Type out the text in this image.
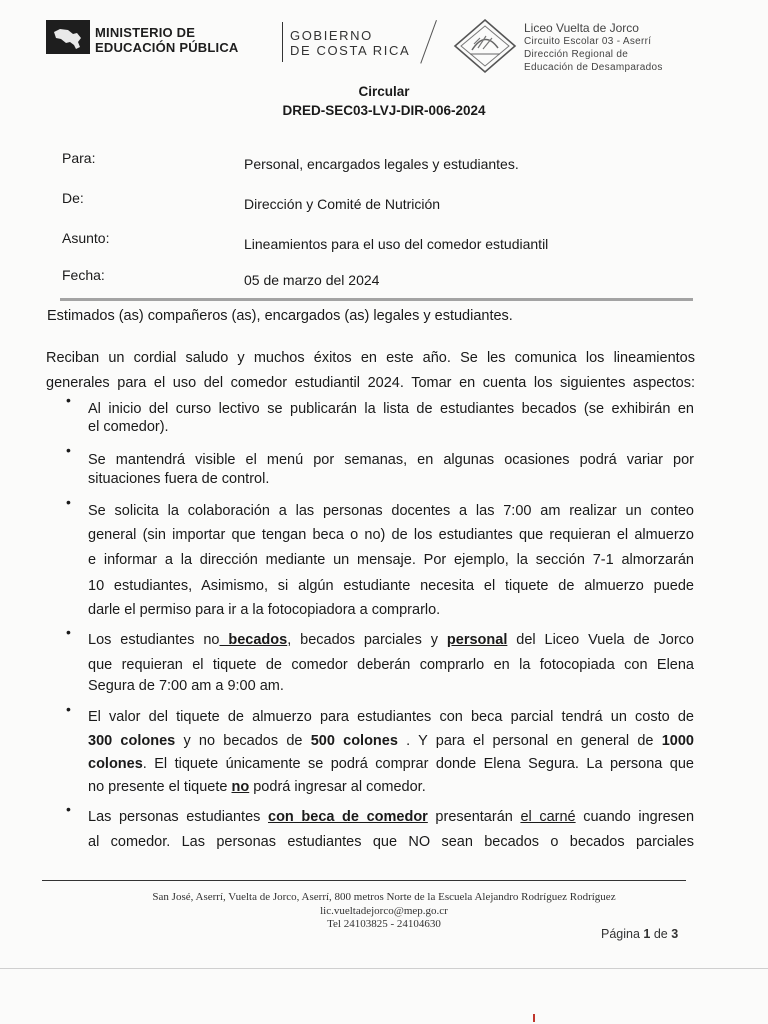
MINISTERIO DE
EDUCACIÓN PÚBLICA
GOBIERNO
DE COSTA RICA
Liceo Vuelta de Jorco
Circuito Escolar 03 - Aserrí
Dirección Regional de
Educación de Desamparados
Circular
DRED-SEC03-LVJ-DIR-006-2024
Para:	Personal, encargados legales y estudiantes.
De:	Dirección y Comité de Nutrición
Asunto:	Lineamientos para el uso del comedor estudiantil
Fecha:	05 de marzo del 2024
Estimados (as) compañeros (as), encargados (as) legales y estudiantes.
Reciban un cordial saludo y muchos éxitos en este año. Se les comunica los lineamientos
generales para el uso del comedor estudiantil 2024. Tomar en cuenta los siguientes aspectos:
•
Al inicio del curso lectivo se publicarán la lista de estudiantes becados (se exhibirán en
el comedor).
•
Se mantendrá visible el menú por semanas, en algunas ocasiones podrá variar por
situaciones fuera de control.
•
Se solicita la colaboración a las personas docentes a las 7:00 am realizar un conteo
general (sin importar que tengan beca o no) de los estudiantes que requieran el almuerzo
e informar a la dirección mediante un mensaje. Por ejemplo, la sección 7-1 almorzarán
10 estudiantes, Asimismo, si algún estudiante necesita el tiquete de almuerzo puede
darle el permiso para ir a la fotocopiadora a comprarlo.
• Los estudiantes no becados, becados parciales y personal del Liceo Vuela de Jorco
que requieran el tiquete de comedor deberán comprarlo en la fotocopiada con Elena
Segura de 7:00 am a 9:00 am.
• El valor del tiquete de almuerzo para estudiantes con beca parcial tendrá un costo de
300 colones y no becados de 500 colones . Y para el personal en general de 1000
colones. El tiquete únicamente se podrá comprar donde Elena Segura. La persona que
no presente el tiquete no podrá ingresar al comedor.
• Las personas estudiantes con beca de comedor presentarán el carné cuando ingresen
al comedor. Las personas estudiantes que NO sean becados o becados parciales
San José, Aserrí, Vuelta de Jorco, Aserrí, 800 metros Norte de la Escuela Alejandro Rodríguez Rodríguez
lic.vueltadejorco@mep.go.cr
Tel 24103825 - 24104630
Página 1 de 3
